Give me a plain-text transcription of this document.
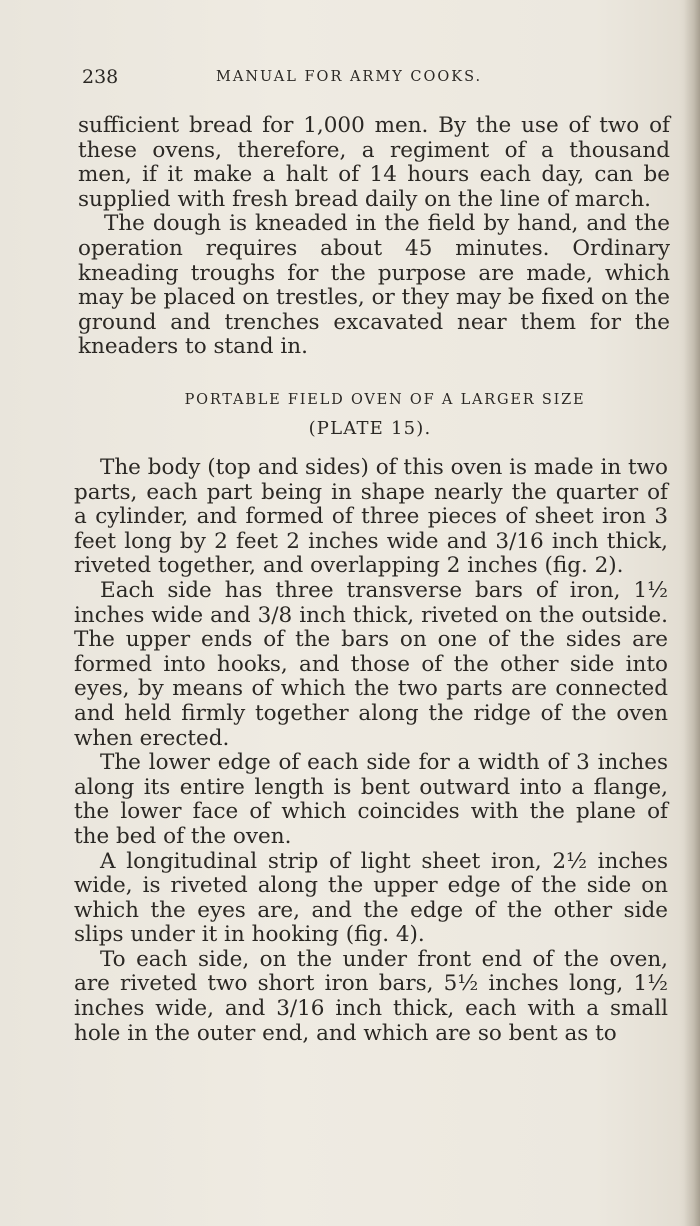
238	MANUAL FOR ARMY COOKS.

sufficient bread for 1,000 men. By the use of two of these ovens, therefore, a regiment of a thousand men, if it make a halt of 14 hours each day, can be supplied with fresh bread daily on the line of march.

The dough is kneaded in the field by hand, and the operation requires about 45 minutes. Ordinary kneading troughs for the purpose are made, which may be placed on trestles, or they may be fixed on the ground and trenches excavated near them for the kneaders to stand in.

PORTABLE FIELD OVEN OF A LARGER SIZE
(PLATE 15).

The body (top and sides) of this oven is made in two parts, each part being in shape nearly the quarter of a cylinder, and formed of three pieces of sheet iron 3 feet long by 2 feet 2 inches wide and 3/16 inch thick, riveted together, and overlapping 2 inches (fig. 2).

Each side has three transverse bars of iron, 1½ inches wide and 3/8 inch thick, riveted on the outside. The upper ends of the bars on one of the sides are formed into hooks, and those of the other side into eyes, by means of which the two parts are connected and held firmly together along the ridge of the oven when erected.

The lower edge of each side for a width of 3 inches along its entire length is bent outward into a flange, the lower face of which coincides with the plane of the bed of the oven.

A longitudinal strip of light sheet iron, 2½ inches wide, is riveted along the upper edge of the side on which the eyes are, and the edge of the other side slips under it in hooking (fig. 4).

To each side, on the under front end of the oven, are riveted two short iron bars, 5½ inches long, 1½ inches wide, and 3/16 inch thick, each with a small hole in the outer end, and which are so bent as to
